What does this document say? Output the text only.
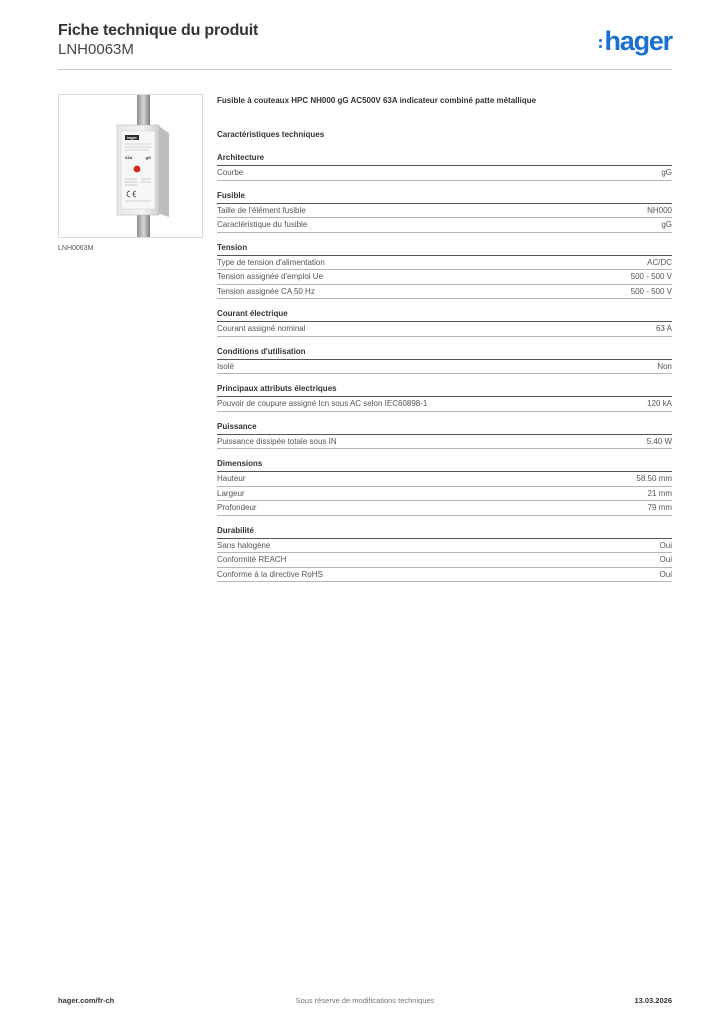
Fiche technique du produit
LNH0063M	hager
hager
63A	gG
LNH0063M
Fusible à couteaux HPC NH000 gG AC500V 63A indicateur combiné patte métallique
Caractéristiques techniques
Architecture
Courbe	gG
Fusible
Taille de l'élément fusible	NH000
Caractéristique du fusible	gG
Tension
Type de tension d'alimentation	AC/DC
Tension assignée d'emploi Ue	500 - 500 V
Tension assignée CA 50 Hz	500 - 500 V
Courant électrique
Courant assigné nominal	63 A
Conditions d'utilisation
Isolé	Non
Principaux attributs électriques
Pouvoir de coupure assigné Icn sous AC selon IEC60898-1	120 kA
Puissance
Puissance dissipée totale sous IN	5.40 W
Dimensions
Hauteur	58.50 mm
Largeur	21 mm
Profondeur	79 mm
Durabilité
Sans halogène	Oui
Conformité REACH	Oui
Conforme à la directive RoHS	Oui
hager.com/fr-ch	Sous réserve de modifications techniques	13.03.2026
